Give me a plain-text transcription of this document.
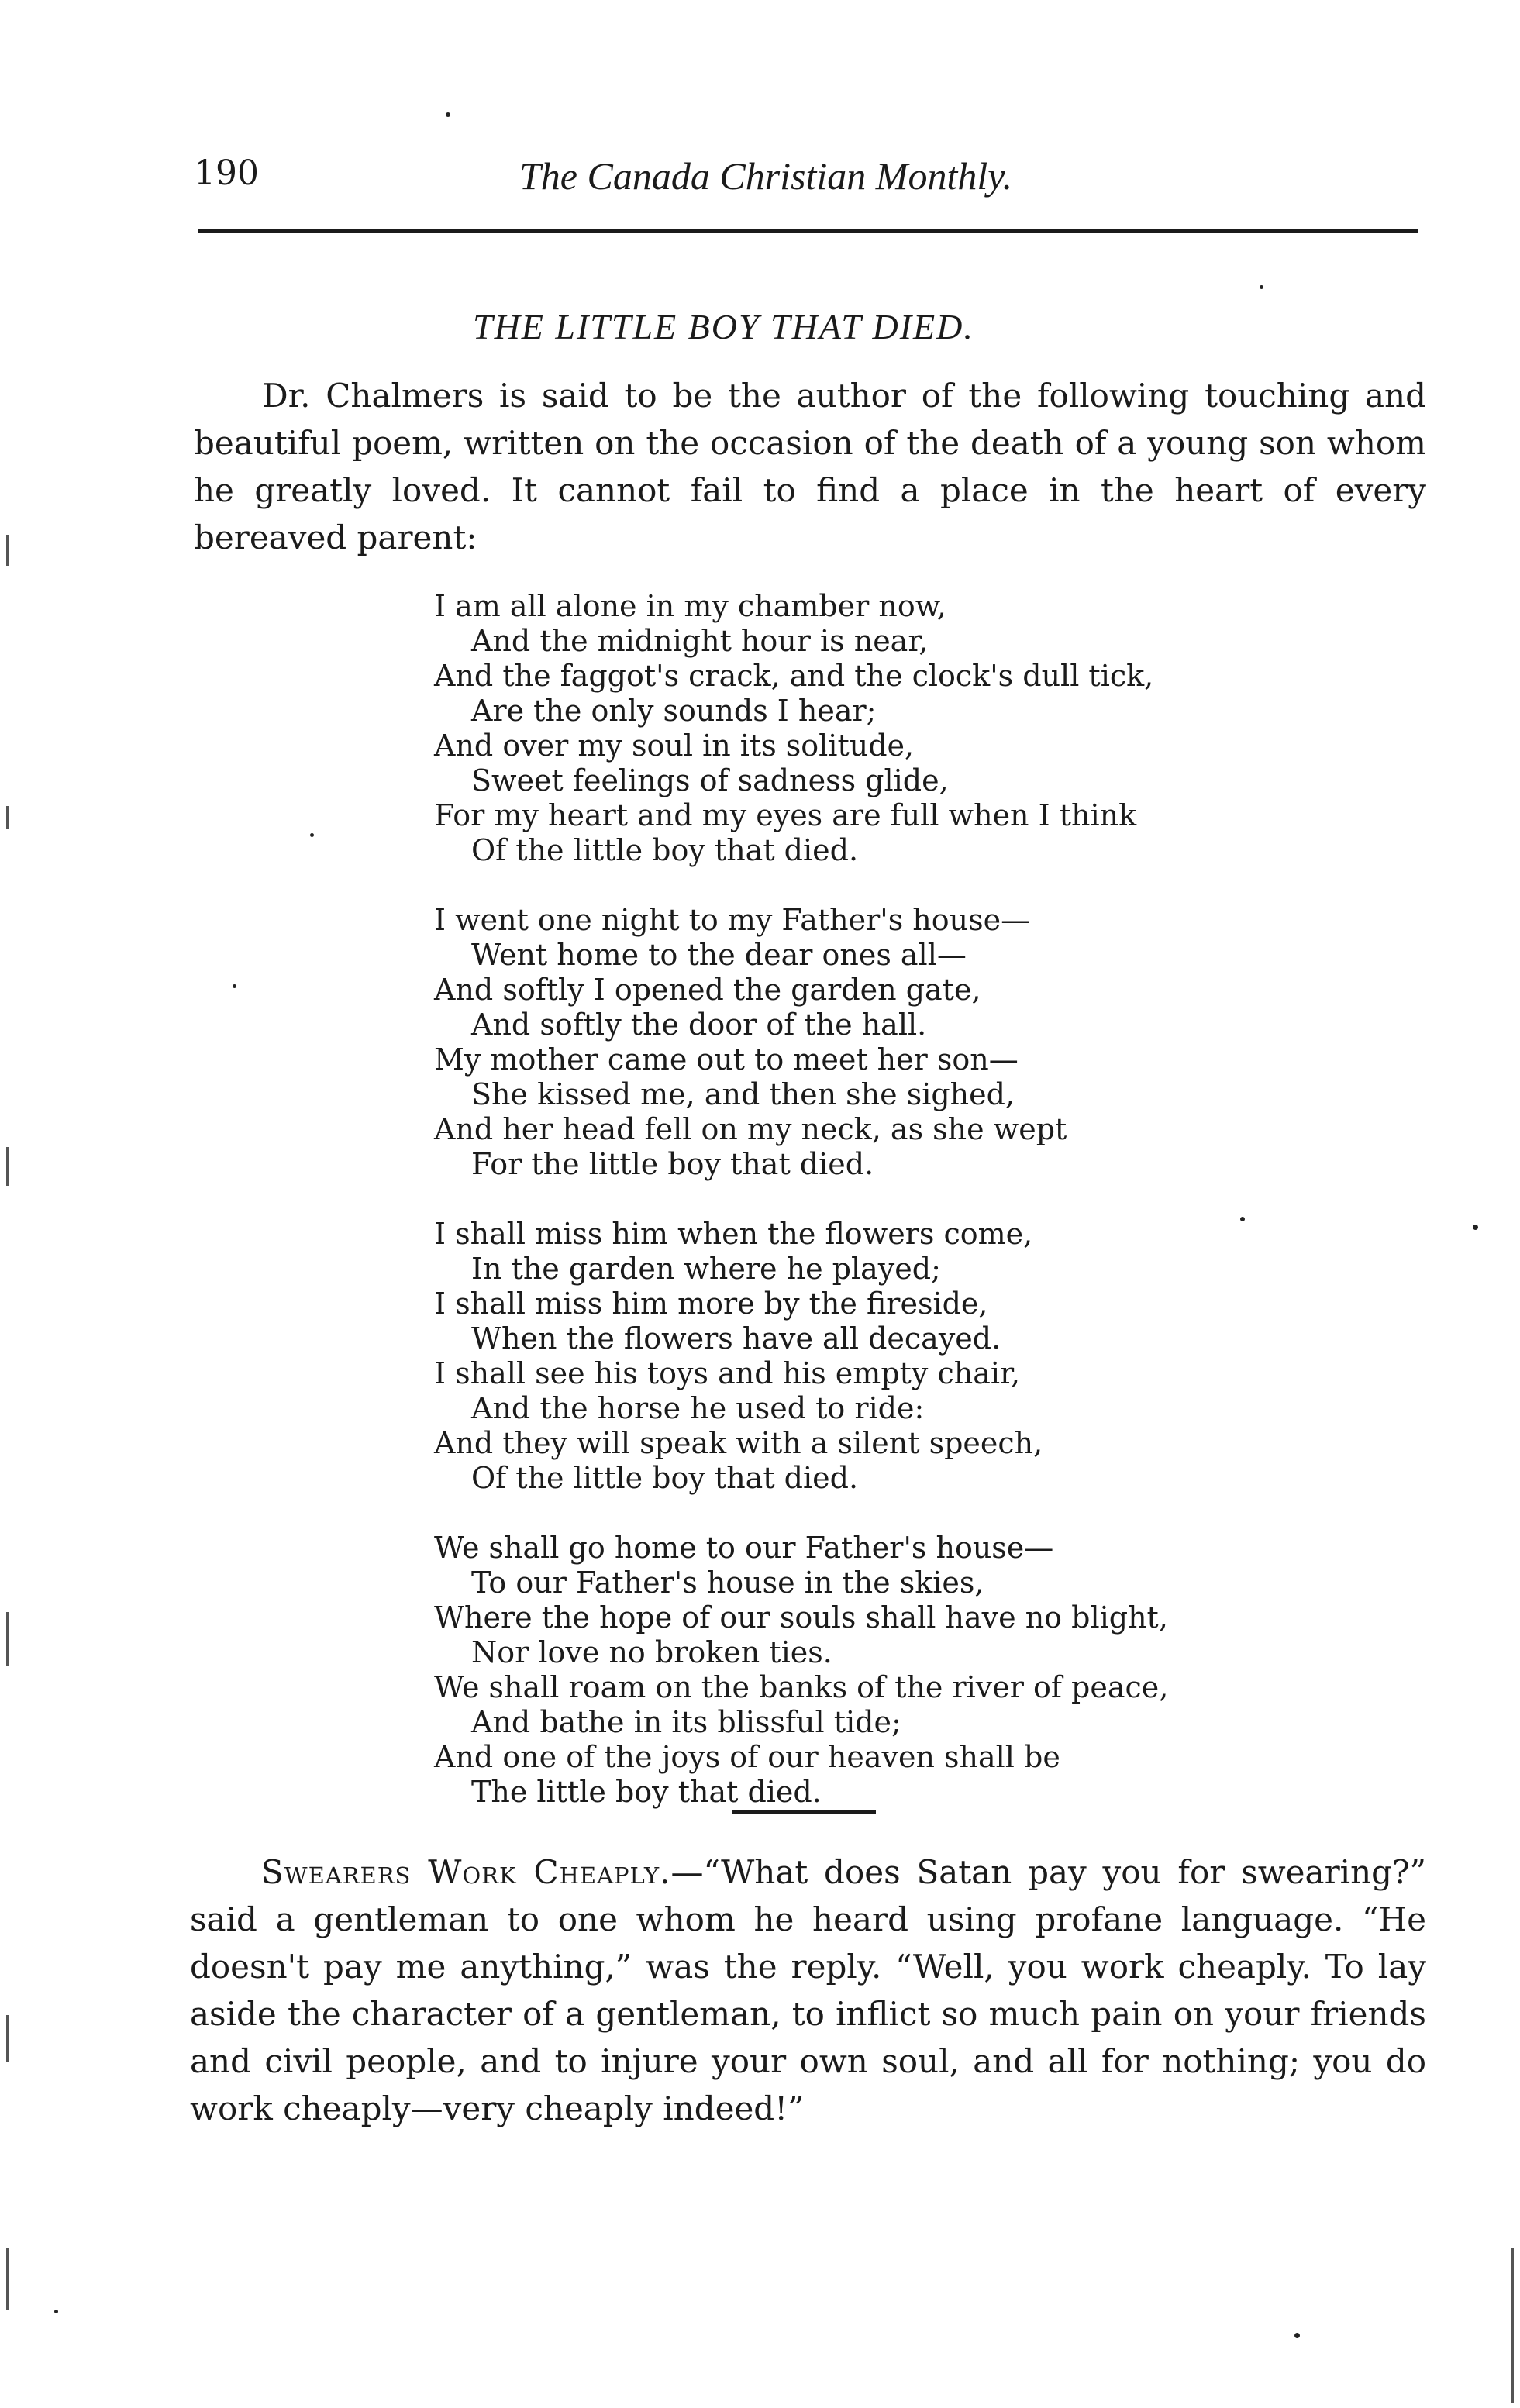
190	The Canada Christian Monthly.
THE LITTLE BOY THAT DIED.
Dr. Chalmers is said to be the author of the following touching and beautiful poem, written on the occasion of the death of a young son whom he greatly loved. It cannot fail to find a place in the heart of every bereaved parent:
I am all alone in my chamber now,
And the midnight hour is near,
And the faggot's crack, and the clock's dull tick,
Are the only sounds I hear;
And over my soul in its solitude,
Sweet feelings of sadness glide,
For my heart and my eyes are full when I think
Of the little boy that died.
I went one night to my Father's house—
Went home to the dear ones all—
And softly I opened the garden gate,
And softly the door of the hall.
My mother came out to meet her son—
She kissed me, and then she sighed,
And her head fell on my neck, as she wept
For the little boy that died.
I shall miss him when the flowers come,
In the garden where he played;
I shall miss him more by the fireside,
When the flowers have all decayed.
I shall see his toys and his empty chair,
And the horse he used to ride:
And they will speak with a silent speech,
Of the little boy that died.
We shall go home to our Father's house—
To our Father's house in the skies,
Where the hope of our souls shall have no blight,
Nor love no broken ties.
We shall roam on the banks of the river of peace,
And bathe in its blissful tide;
And one of the joys of our heaven shall be
The little boy that died.
Swearers Work Cheaply.—“What does Satan pay you for swearing?” said a gentleman to one whom he heard using profane language. “He doesn't pay me anything,” was the reply. “Well, you work cheaply. To lay aside the character of a gentleman, to inflict so much pain on your friends and civil people, and to injure your own soul, and all for nothing; you do work cheaply—very cheaply indeed!”
